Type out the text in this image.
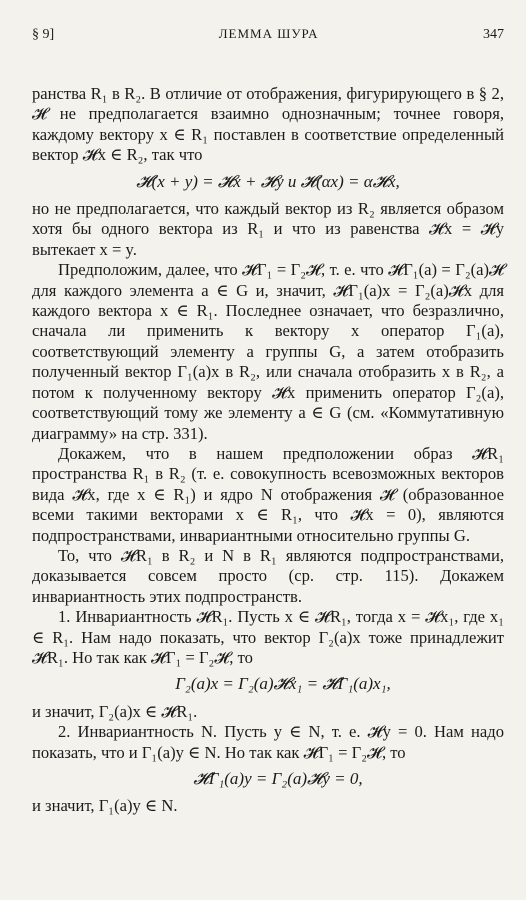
§ 9]	ЛЕММА ШУРА	347

ранства R₁ в R₂. В отличие от отображения, фигурирующего в § 2, 𝓗 не предполагается взаимно однозначным; точнее говоря, каждому вектору x ∈ R₁ поставлен в соответствие определенный вектор 𝓗x ∈ R₂, так что

𝓗(x + y) = 𝓗x + 𝓗y и 𝓗(αx) = α𝓗x,

но не предполагается, что каждый вектор из R₂ является образом хотя бы одного вектора из R₁ и что из равенства 𝓗x = 𝓗y вытекает x = y.

Предположим, далее, что 𝓗Γ₁ = Γ₂𝓗, т. е. что 𝓗Γ₁(a) = Γ₂(a)𝓗 для каждого элемента a ∈ G и, значит, 𝓗Γ₁(a)x = Γ₂(a)𝓗x для каждого вектора x ∈ R₁. Последнее означает, что безразлично, сначала ли применить к вектору x оператор Γ₁(a), соответствующий элементу a группы G, а затем отобразить полученный вектор Γ₁(a)x в R₂, или сначала отобразить x в R₂, а потом к полученному вектору 𝓗x применить оператор Γ₂(a), соответствующий тому же элементу a ∈ G (см. «Коммутативную диаграмму» на стр. 331).

Докажем, что в нашем предположении образ 𝓗R₁ пространства R₁ в R₂ (т. е. совокупность всевозможных векторов вида 𝓗x, где x ∈ R₁) и ядро N отображения 𝓗 (образованное всеми такими векторами x ∈ R₁, что 𝓗x = 0), являются подпространствами, инвариантными относительно группы G.

То, что 𝓗R₁ в R₂ и N в R₁ являются подпространствами, доказывается совсем просто (ср. стр. 115). Докажем инвариантность этих подпространств.

1. Инвариантность 𝓗R₁. Пусть x ∈ 𝓗R₁, тогда x = 𝓗x₁, где x₁ ∈ R₁. Нам надо показать, что вектор Γ₂(a)x тоже принадлежит 𝓗R₁. Но так как 𝓗Γ₁ = Γ₂𝓗, то

Γ₂(a)x = Γ₂(a)𝓗x₁ = 𝓗Γ₁(a)x₁,

и значит, Γ₂(a)x ∈ 𝓗R₁.

2. Инвариантность N. Пусть y ∈ N, т. е. 𝓗y = 0. Нам надо показать, что и Γ₁(a)y ∈ N. Но так как 𝓗Γ₁ = Γ₂𝓗, то

𝓗Γ₁(a)y = Γ₂(a)𝓗y = 0,

и значит, Γ₁(a)y ∈ N.
